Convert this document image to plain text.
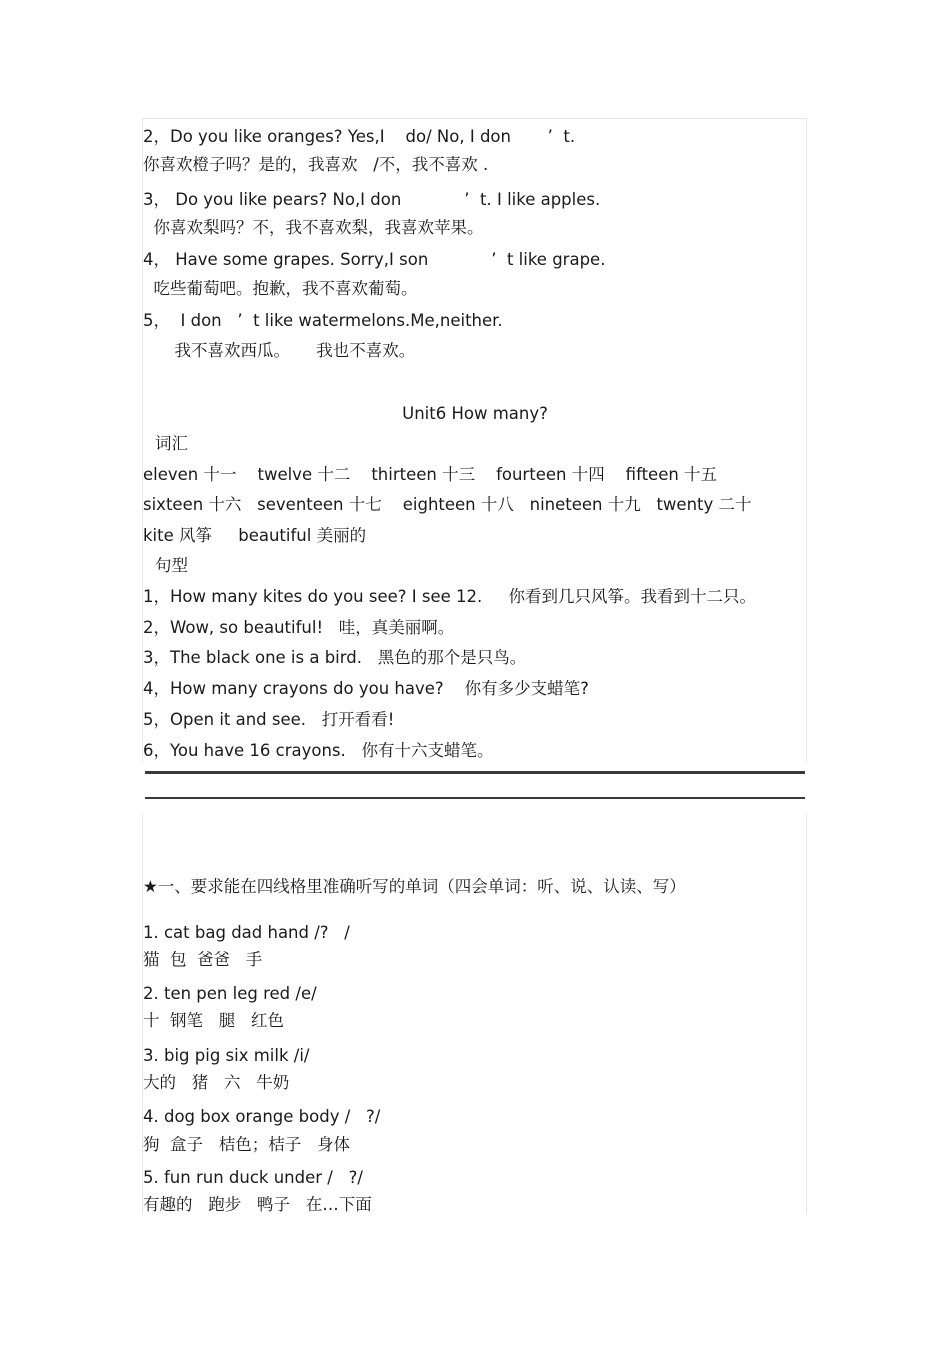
2，Do you like oranges? Yes,I    do/ No, I don       ’  t.
你喜欢橙子吗？是的，我喜欢   /不，我不喜欢 .
3， Do you like pears? No,I don            ’  t. I like apples.
你喜欢梨吗？不，我不喜欢梨，我喜欢苹果。
4， Have some grapes. Sorry,I son            ’  t like grape.
吃些葡萄吧。抱歉，我不喜欢葡萄。
5，  I don   ’  t like watermelons.Me,neither.
我不喜欢西瓜。     我也不喜欢。
Unit6 How many?
词汇
eleven 十一    twelve 十二    thirteen 十三    fourteen 十四    fifteen 十五
sixteen 十六   seventeen 十七    eighteen 十八   nineteen 十九   twenty 二十
kite 风筝     beautiful 美丽的
句型
1，How many kites do you see? I see 12.     你看到几只风筝。我看到十二只。
2，Wow, so beautiful!   哇，真美丽啊。
3，The black one is a bird.   黑色的那个是只鸟。
4，How many crayons do you have?    你有多少支蜡笔?
5，Open it and see.   打开看看!
6，You have 16 crayons.   你有十六支蜡笔。
★一、要求能在四线格里准确听写的单词（四会单词：听、说、认读、写）
1. cat bag dad hand /?   /
猫  包  爸爸   手
2. ten pen leg red /e/
十  钢笔   腿   红色
3. big pig six milk /i/
大的   猪   六   牛奶
4. dog box orange body /   ?/
狗  盒子   桔色；桔子   身体
5. fun run duck under /   ?/
有趣的   跑步   鸭子   在…下面
